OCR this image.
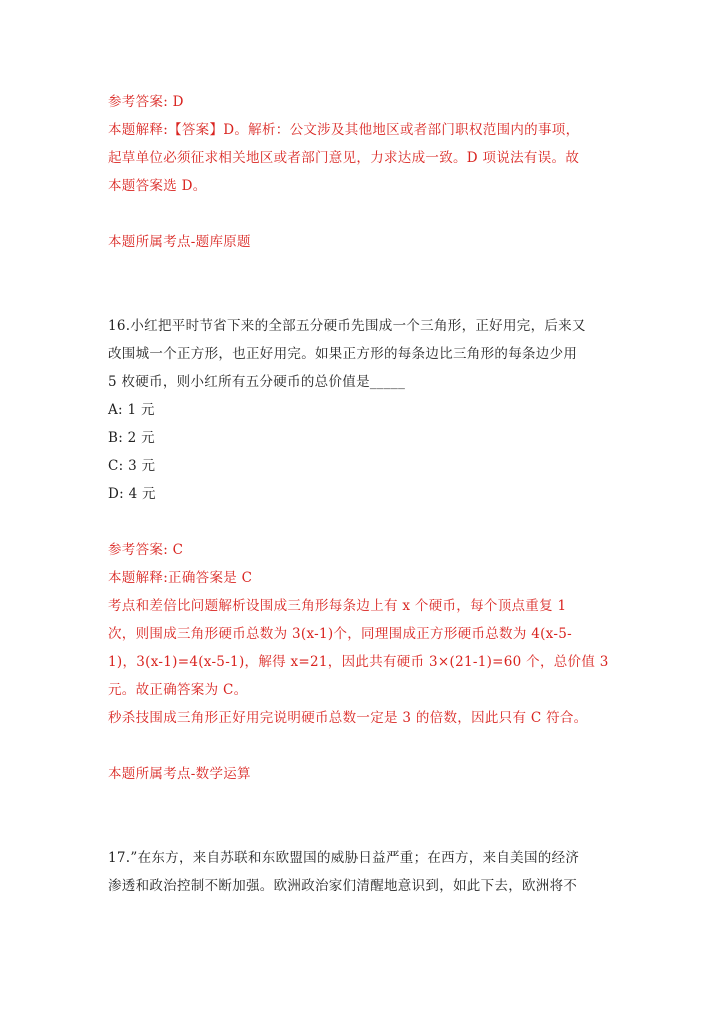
参考答案: D
本题解释:【答案】D。解析：公文涉及其他地区或者部门职权范围内的事项，
起草单位必须征求相关地区或者部门意见，力求达成一致。D 项说法有误。故
本题答案选 D。
本题所属考点-题库原题
16.小红把平时节省下来的全部五分硬币先围成一个三角形，正好用完，后来又
改围城一个正方形，也正好用完。如果正方形的每条边比三角形的每条边少用
5 枚硬币，则小红所有五分硬币的总价值是_____
A: 1 元
B: 2 元
C: 3 元
D: 4 元
参考答案: C
本题解释:正确答案是 C
考点和差倍比问题解析设围成三角形每条边上有 x 个硬币，每个顶点重复 1
次，则围成三角形硬币总数为 3(x-1)个，同理围成正方形硬币总数为 4(x-5-
1)，3(x-1)=4(x-5-1)，解得 x=21，因此共有硬币 3×(21-1)=60 个，总价值 3
元。故正确答案为 C。
秒杀技围成三角形正好用完说明硬币总数一定是 3 的倍数，因此只有 C 符合。
本题所属考点-数学运算
17.”在东方，来自苏联和东欧盟国的威胁日益严重；在西方，来自美国的经济
渗透和政治控制不断加强。欧洲政治家们清醒地意识到，如此下去，欧洲将不
